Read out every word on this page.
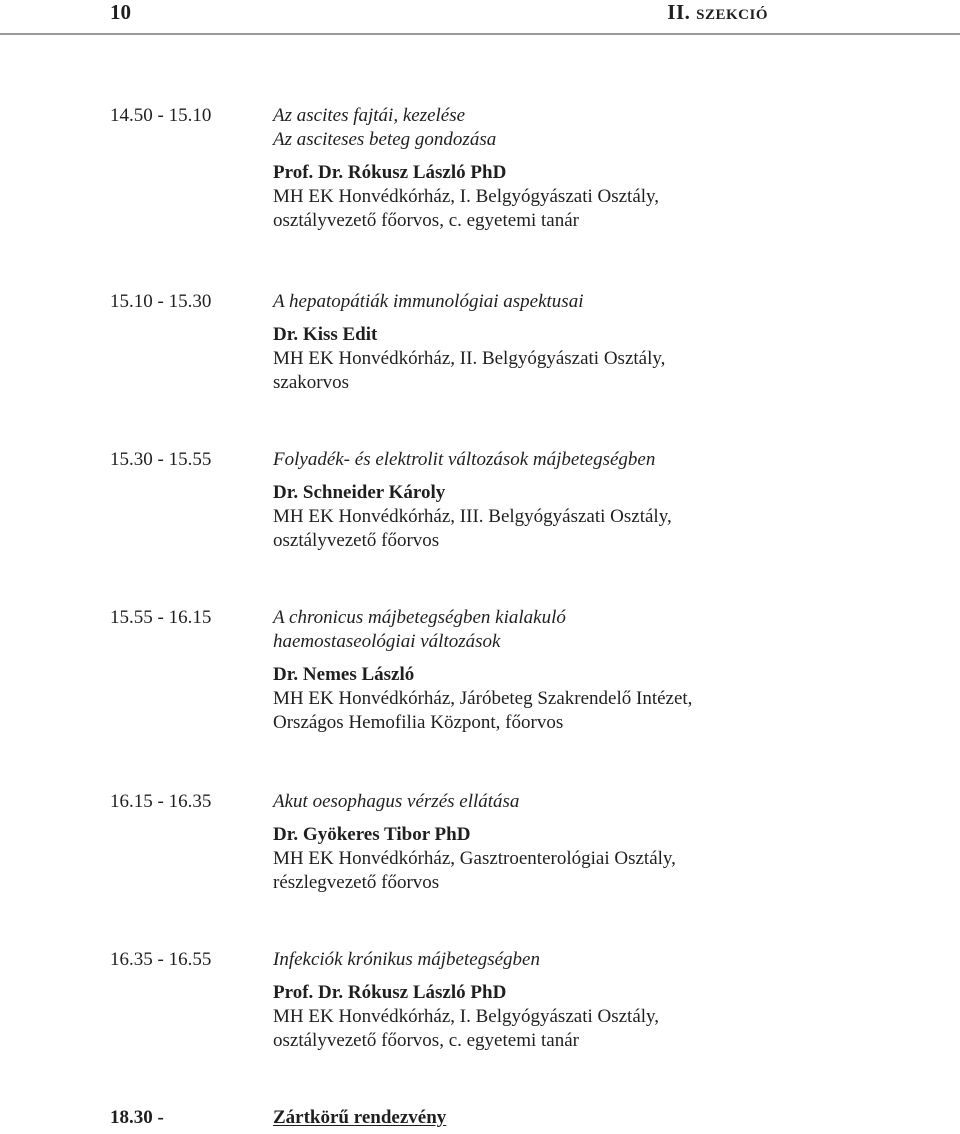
10	II. szekció
14.50 - 15.10	Az ascites fajtái, kezelése
Az asciteses beteg gondozása
Prof. Dr. Rókusz László PhD
MH EK Honvédkórház, I. Belgyógyászati Osztály,
osztályvezető főorvos, c. egyetemi tanár
15.10 - 15.30	A hepatopátiák immunológiai aspektusai
Dr. Kiss Edit
MH EK Honvédkórház, II. Belgyógyászati Osztály,
szakorvos
15.30 - 15.55	Folyadék- és elektrolit változások májbetegségben
Dr. Schneider Károly
MH EK Honvédkórház, III. Belgyógyászati Osztály,
osztályvezető főorvos
15.55 - 16.15	A chronicus májbetegségben kialakuló
haemostaseológiai változások
Dr. Nemes László
MH EK Honvédkórház, Járóbeteg Szakrendelő Intézet,
Országos Hemofilia Központ, főorvos
16.15 - 16.35	Akut oesophagus vérzés ellátása
Dr. Gyökeres Tibor PhD
MH EK Honvédkórház, Gasztroenterológiai Osztály,
részlegvezető főorvos
16.35 - 16.55	Infekciók krónikus májbetegségben
Prof. Dr. Rókusz László PhD
MH EK Honvédkórház, I. Belgyógyászati Osztály,
osztályvezető főorvos, c. egyetemi tanár
18.30 -	Zártkörű rendezvény
